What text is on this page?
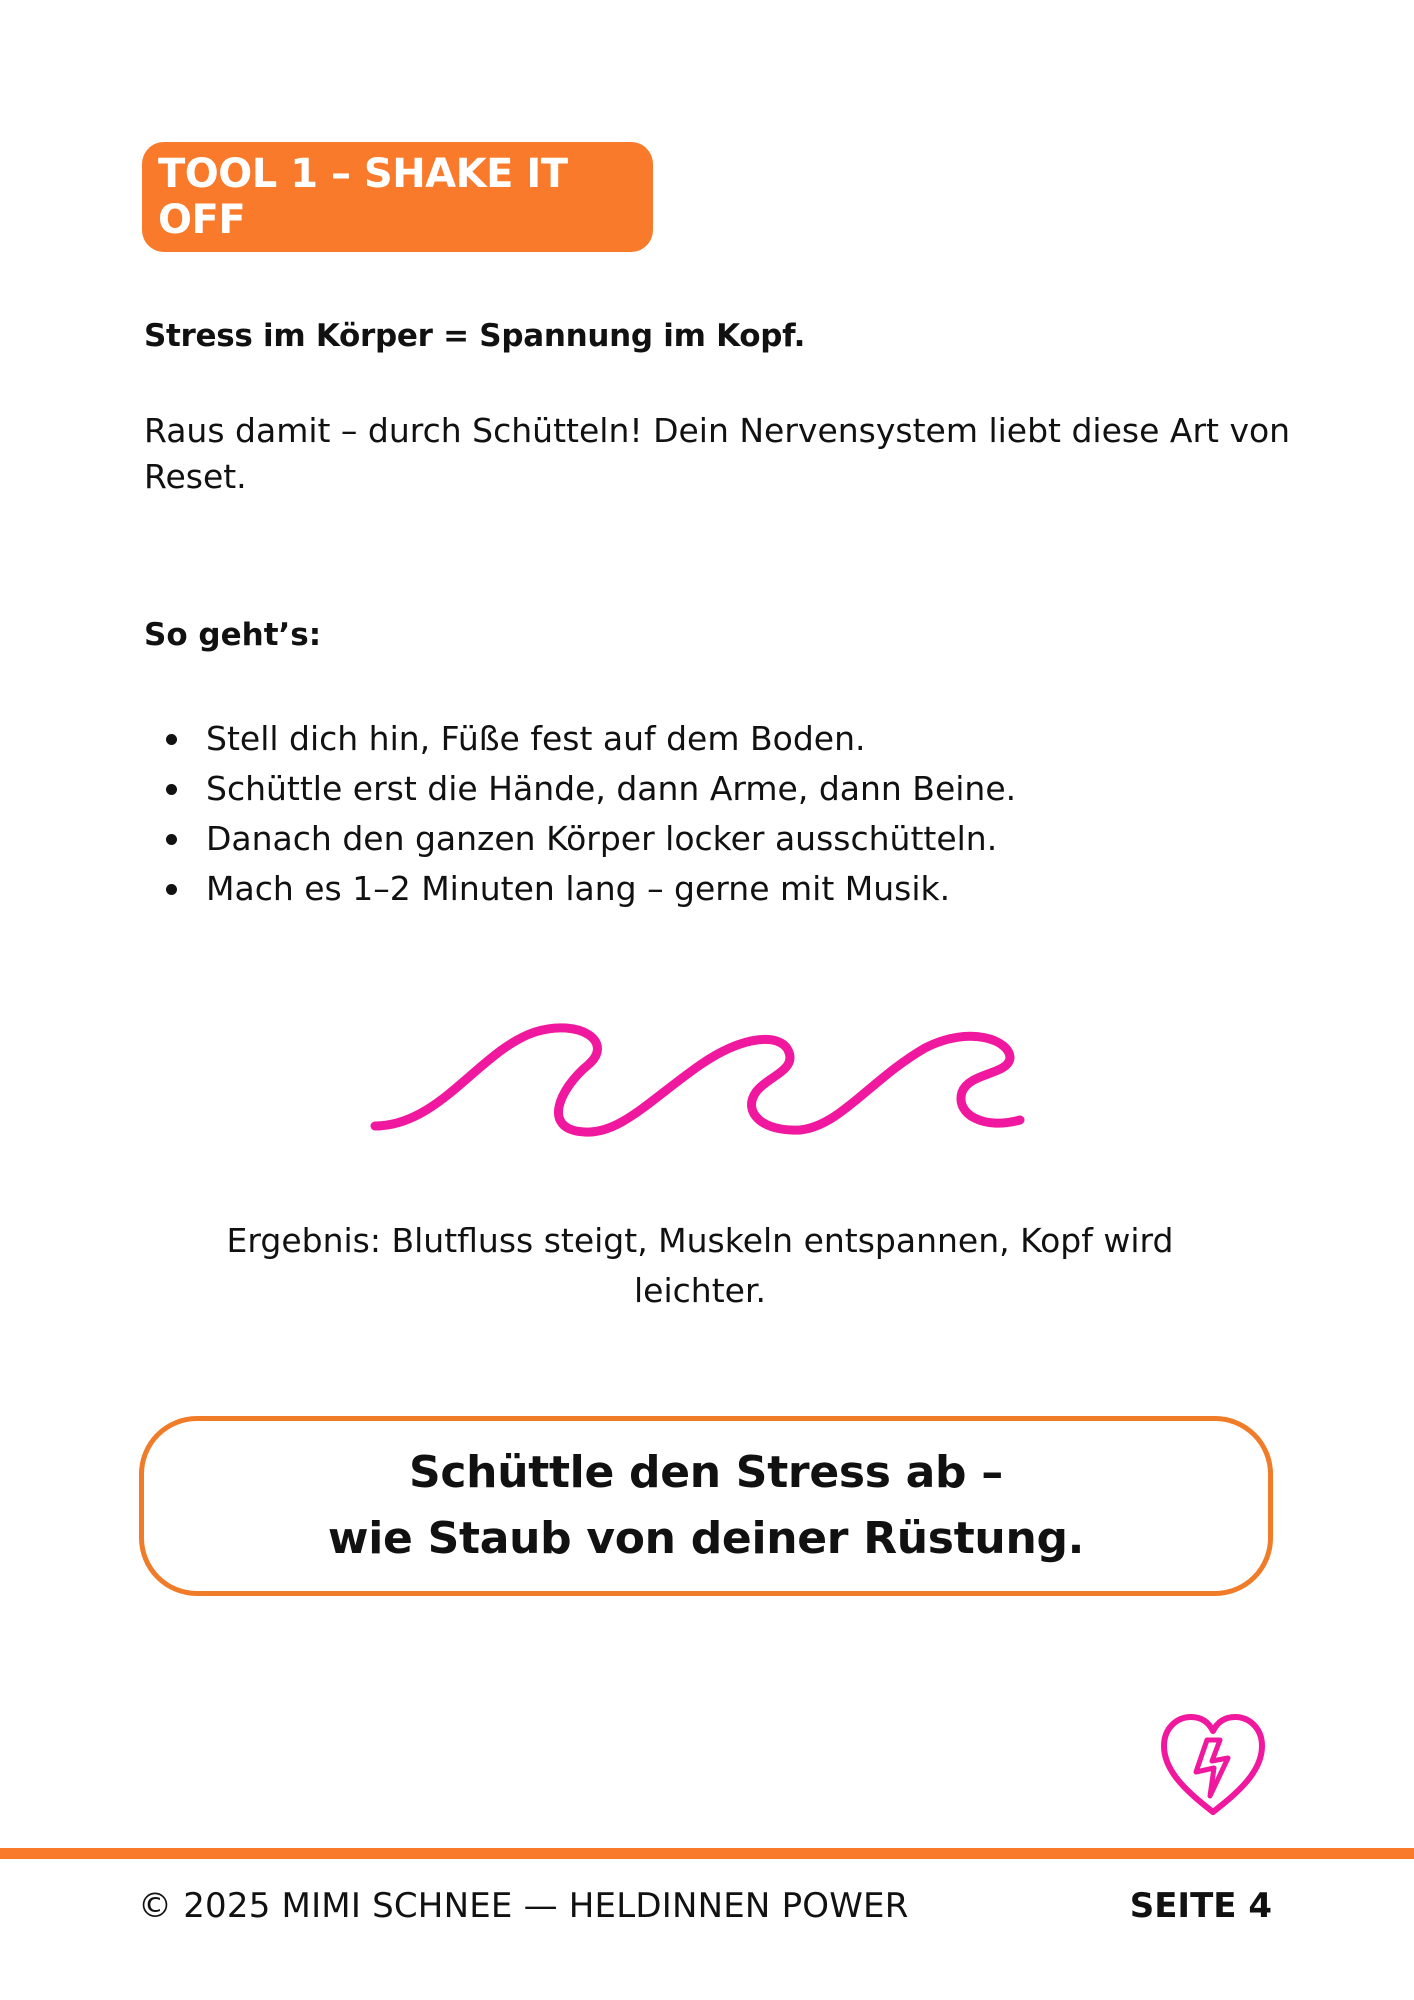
TOOL 1 – SHAKE IT OFF
Stress im Körper = Spannung im Kopf.
Raus damit – durch Schütteln! Dein Nervensystem liebt diese Art von Reset.
So geht’s:
Stell dich hin, Füße fest auf dem Boden.
Schüttle erst die Hände, dann Arme, dann Beine.
Danach den ganzen Körper locker ausschütteln.
Mach es 1–2 Minuten lang – gerne mit Musik.
Ergebnis: Blutfluss steigt, Muskeln entspannen, Kopf wird leichter.
Schüttle den Stress ab –
wie Staub von deiner Rüstung.
© 2025 MIMI SCHNEE — HELDINNEN POWER	SEITE 4
